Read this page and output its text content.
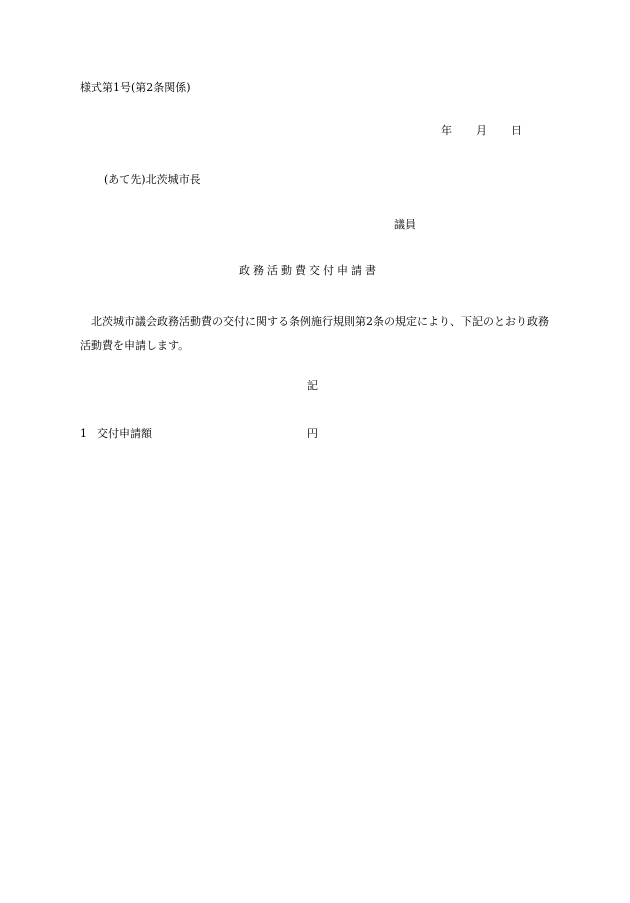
様式第1号(第2条関係)
年 月 日
(あて先)北茨城市長
議員
政務活動費交付申請書
北茨城市議会政務活動費の交付に関する条例施行規則第2条の規定により、下記のとおり政務活動費を申請します。
記
1 交付申請額	円
